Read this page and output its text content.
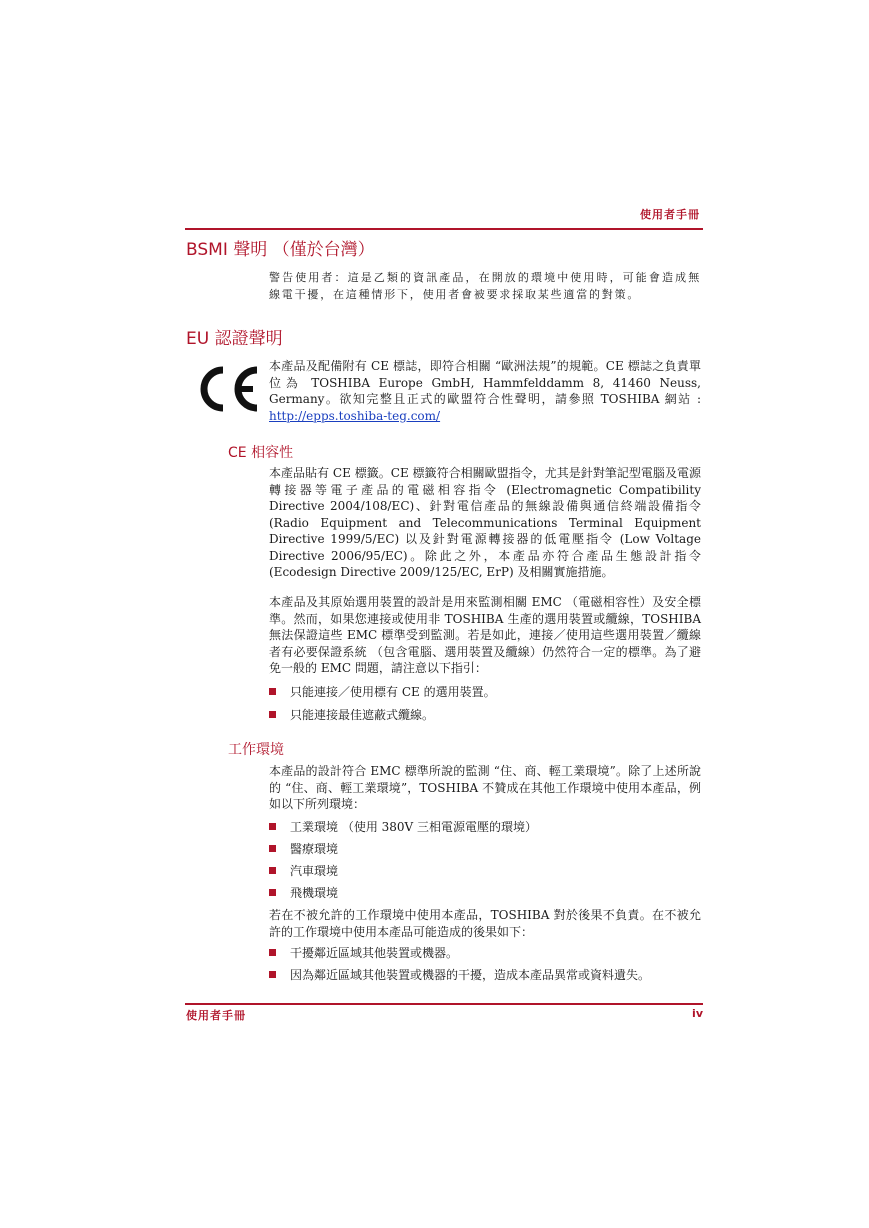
使用者手冊
BSMI 聲明 （僅於台灣）
警告使用者：這是乙類的資訊產品，在開放的環境中使用時，可能會造成無線電干擾，在這種情形下，使用者會被要求採取某些適當的對策。
EU 認證聲明
本產品及配備附有 CE 標誌，即符合相關 “歐洲法規”的規範。CE 標誌之負責單位為 TOSHIBA Europe GmbH, Hammfelddamm 8, 41460 Neuss, Germany。欲知完整且正式的歐盟符合性聲明，請參照 TOSHIBA 網站 : http://epps.toshiba-teg.com/
CE 相容性
本產品貼有 CE 標籤。CE 標籤符合相關歐盟指令，尤其是針對筆記型電腦及電源轉接器等電子產品的電磁相容指令 (Electromagnetic Compatibility Directive 2004/108/EC)、針對電信產品的無線設備與通信終端設備指令 (Radio Equipment and Telecommunications Terminal Equipment Directive 1999/5/EC) 以及針對電源轉接器的低電壓指令 (Low Voltage Directive 2006/95/EC)。除此之外，本產品亦符合產品生態設計指令 (Ecodesign Directive 2009/125/EC, ErP) 及相關實施措施。
本產品及其原始選用裝置的設計是用來監測相關 EMC （電磁相容性）及安全標準。然而，如果您連接或使用非 TOSHIBA 生產的選用裝置或纜線，TOSHIBA 無法保證這些 EMC 標準受到監測。若是如此，連接／使用這些選用裝置／纜線者有必要保證系統 （包含電腦、選用裝置及纜線）仍然符合一定的標準。為了避免一般的 EMC 問題，請注意以下指引：
只能連接／使用標有 CE 的選用裝置。
只能連接最佳遮蔽式纜線。
工作環境
本產品的設計符合 EMC 標準所說的監測 “住、商、輕工業環境”。除了上述所說的 “住、商、輕工業環境”，TOSHIBA 不贊成在其他工作環境中使用本產品，例如以下所列環境：
工業環境 （使用 380V 三相電源電壓的環境）
醫療環境
汽車環境
飛機環境
若在不被允許的工作環境中使用本產品，TOSHIBA 對於後果不負責。在不被允許的工作環境中使用本產品可能造成的後果如下：
干擾鄰近區域其他裝置或機器。
因為鄰近區域其他裝置或機器的干擾，造成本產品異常或資料遺失。
使用者手冊	iv
